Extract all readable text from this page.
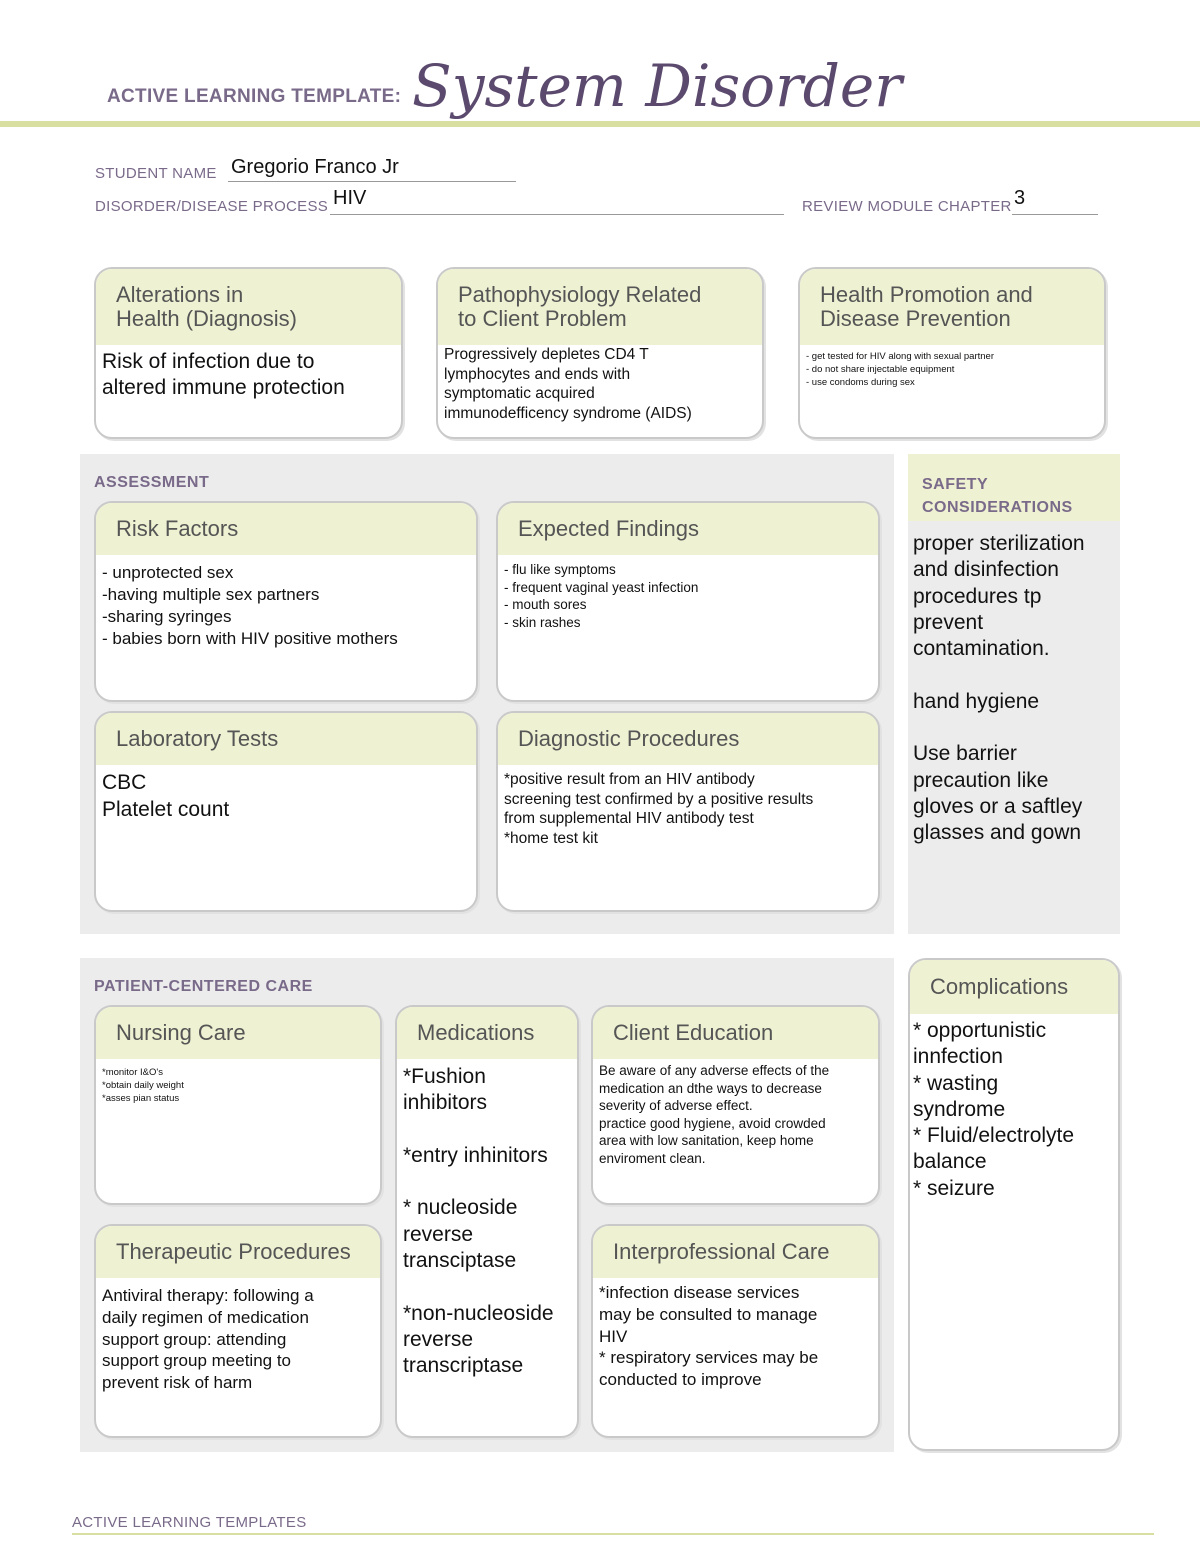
ACTIVE LEARNING TEMPLATE: System Disorder
STUDENT NAME Gregorio Franco Jr
DISORDER/DISEASE PROCESS HIV	REVIEW MODULE CHAPTER 3
Alterations in
Health (Diagnosis)
Risk of infection due to
altered immune protection
Pathophysiology Related
to Client Problem
Progressively depletes CD4 T
lymphocytes and ends with
symptomatic acquired
immunodefficency syndrome (AIDS)
Health Promotion and
Disease Prevention
- get tested for HIV along with sexual partner
- do not share injectable equipment
- use condoms during sex
ASSESSMENT
Risk Factors
- unprotected sex
-having multiple sex partners
-sharing syringes
- babies born with HIV positive mothers
Expected Findings
- flu like symptoms
- frequent vaginal yeast infection
- mouth sores
- skin rashes
Laboratory Tests
CBC
Platelet count
Diagnostic Procedures
*positive result from an HIV antibody
screening test confirmed by a positive results
from supplemental HIV antibody test
*home test kit
SAFETY
CONSIDERATIONS
proper sterilization
and disinfection
procedures tp
prevent
contamination.

hand hygiene

Use barrier
precaution like
gloves or a saftley
glasses and gown
PATIENT-CENTERED CARE
Nursing Care
*monitor I&O's
*obtain daily weight
*asses pian status
Medications
*Fushion
inhibitors

*entry inhinitors

* nucleoside
reverse
transciptase

*non-nucleoside
reverse
transcriptase
Client Education
Be aware of any adverse effects of the
medication an dthe ways to decrease
severity of adverse effect.
practice good hygiene, avoid crowded
area with low sanitation, keep home
enviroment clean.
Therapeutic Procedures
Antiviral therapy: following a
daily regimen of medication
support group: attending
support group meeting to
prevent risk of harm
Interprofessional Care
*infection disease services
may be consulted to manage
HIV
* respiratory services may be
conducted to improve
Complications
* opportunistic
innfection
* wasting
syndrome
* Fluid/electrolyte
balance
* seizure
ACTIVE LEARNING TEMPLATES
